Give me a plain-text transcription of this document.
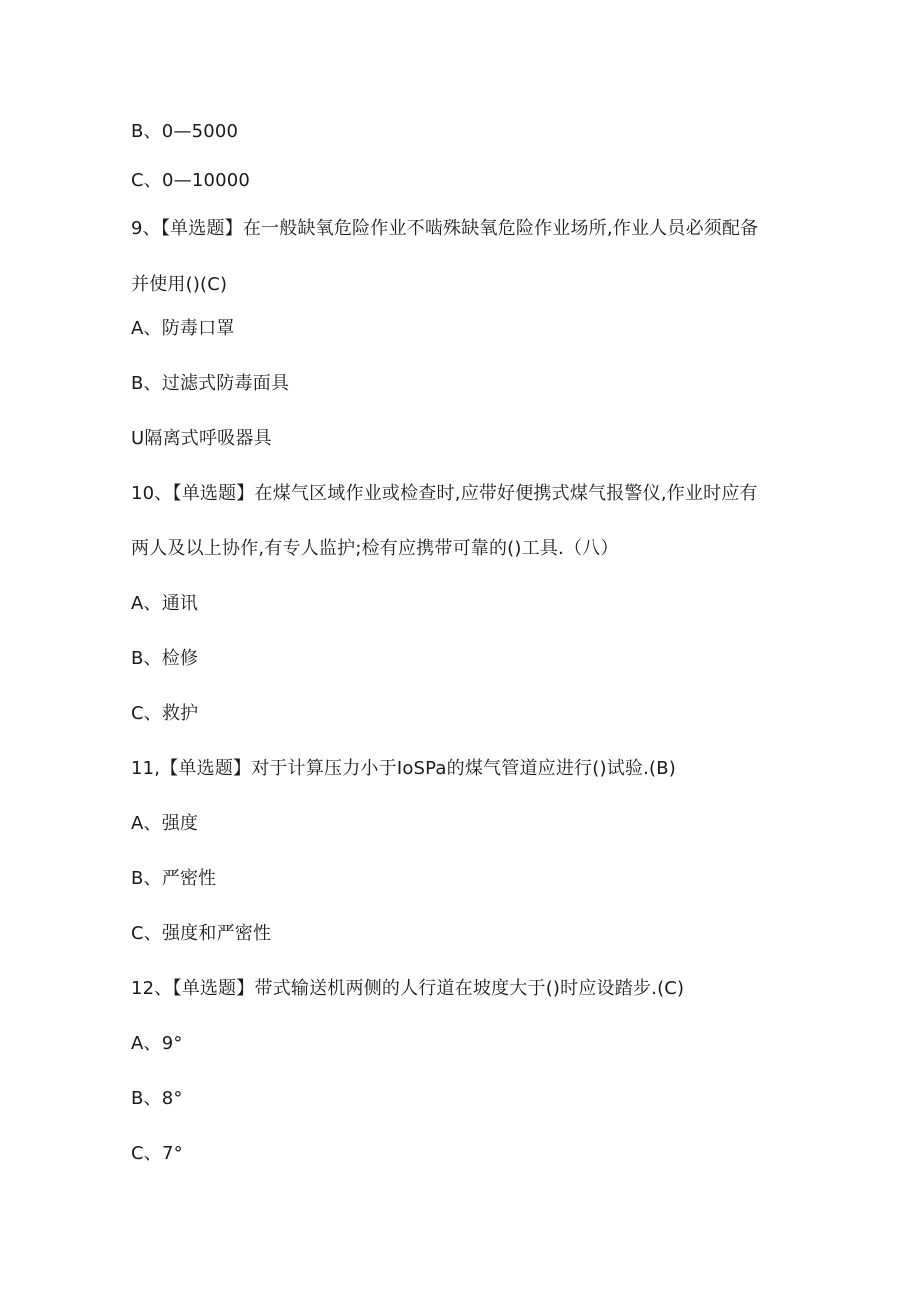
B、0—5000
C、0—10000
9、【单选题】在一般缺氧危险作业不啮殊缺氧危险作业场所,作业人员必须配备
并使用()(C)
A、防毒口罩
B、过滤式防毒面具
U隔离式呼吸器具
10、【单选题】在煤气区域作业或检查时,应带好便携式煤气报警仪,作业时应有
两人及以上协作,有专人监护;检有应携带可靠的()工具.（八）
A、通讯
B、检修
C、救护
11,【单选题】对于计算压力小于IoSPa的煤气管道应进行()试验.(B)
A、强度
B、严密性
C、强度和严密性
12、【单选题】带式输送机两侧的人行道在坡度大于()时应设踏步.(C)
A、9°
B、8°
C、7°
